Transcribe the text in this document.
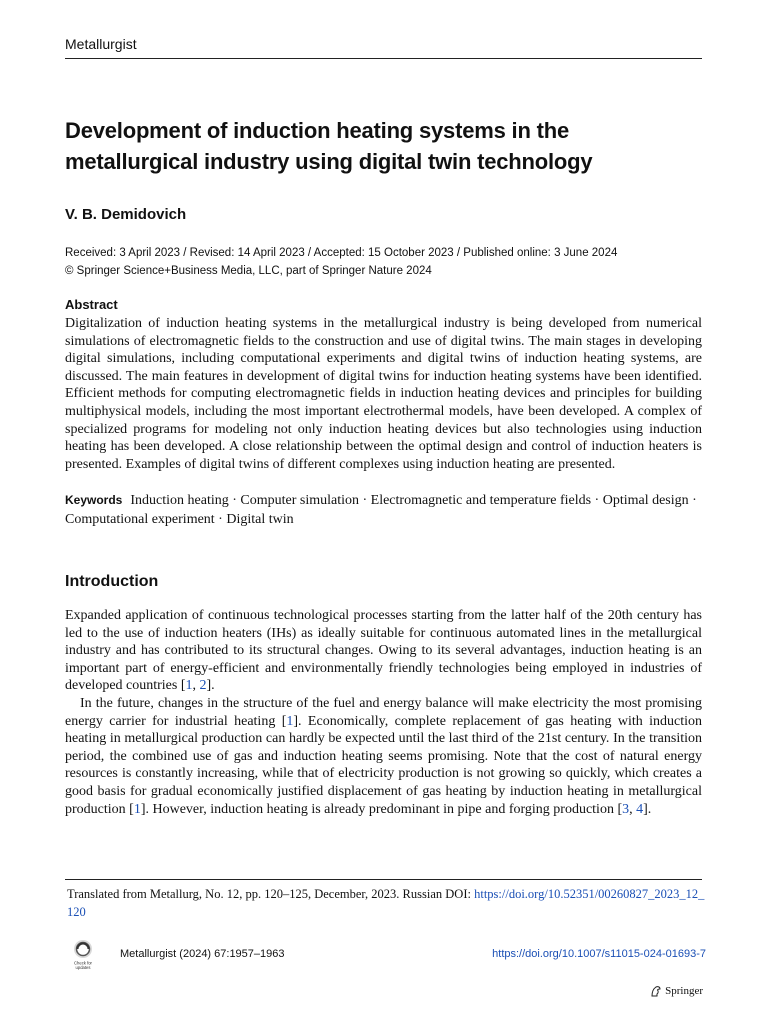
Metallurgist
Development of induction heating systems in the metallurgical industry using digital twin technology
V. B. Demidovich
Received: 3 April 2023 / Revised: 14 April 2023 / Accepted: 15 October 2023 / Published online: 3 June 2024
© Springer Science+Business Media, LLC, part of Springer Nature 2024
Abstract
Digitalization of induction heating systems in the metallurgical industry is being developed from numerical simulations of electromagnetic fields to the construction and use of digital twins. The main stages in developing digital simulations, including computational experiments and digital twins of induction heating systems, are discussed. The main features in development of digital twins for induction heating systems have been identified. Efficient methods for computing electromagnetic fields in induction heating devices and principles for building multiphysical models, including the most important electrothermal models, have been developed. A complex of specialized programs for modeling not only induction heating devices but also technologies using induction heating has been developed. A close relationship between the optimal design and control of induction heaters is presented. Examples of digital twins of different complexes using induction heating are presented.
Keywords Induction heating · Computer simulation · Electromagnetic and temperature fields · Optimal design · Computational experiment · Digital twin
Introduction

Expanded application of continuous technological processes starting from the latter half of the 20th century has led to the use of induction heaters (IHs) as ideally suitable for continuous automated lines in the metallurgical industry and has contributed to its structural changes. Owing to its several advantages, induction heating is an important part of energy-efficient and environmentally friendly technologies being employed in industries of developed countries [1, 2].

In the future, changes in the structure of the fuel and energy balance will make electricity the most promising energy carrier for industrial heating [1]. Economically, complete replacement of gas heating with induction heating in metallurgical production can hardly be expected until the last third of the 21st century. In the transition period, the combined use of gas and induction heating seems promising. Note that the cost of natural energy resources is constantly increasing, while that of electricity production is not growing so quickly, which creates a good basis for gradual economically justified displacement of gas heating by induction heating in metallurgical production [1]. However, induction heating is already predominant in pipe and forging production [3, 4].

Translated from Metallurg, No. 12, pp. 120–125, December, 2023. Russian DOI: https://doi.org/10.52351/00260827_2023_12_120
Check for
updates
Metallurgist (2024) 67:1957–1963	https://doi.org/10.1007/s11015-024-01693-7
Springer
